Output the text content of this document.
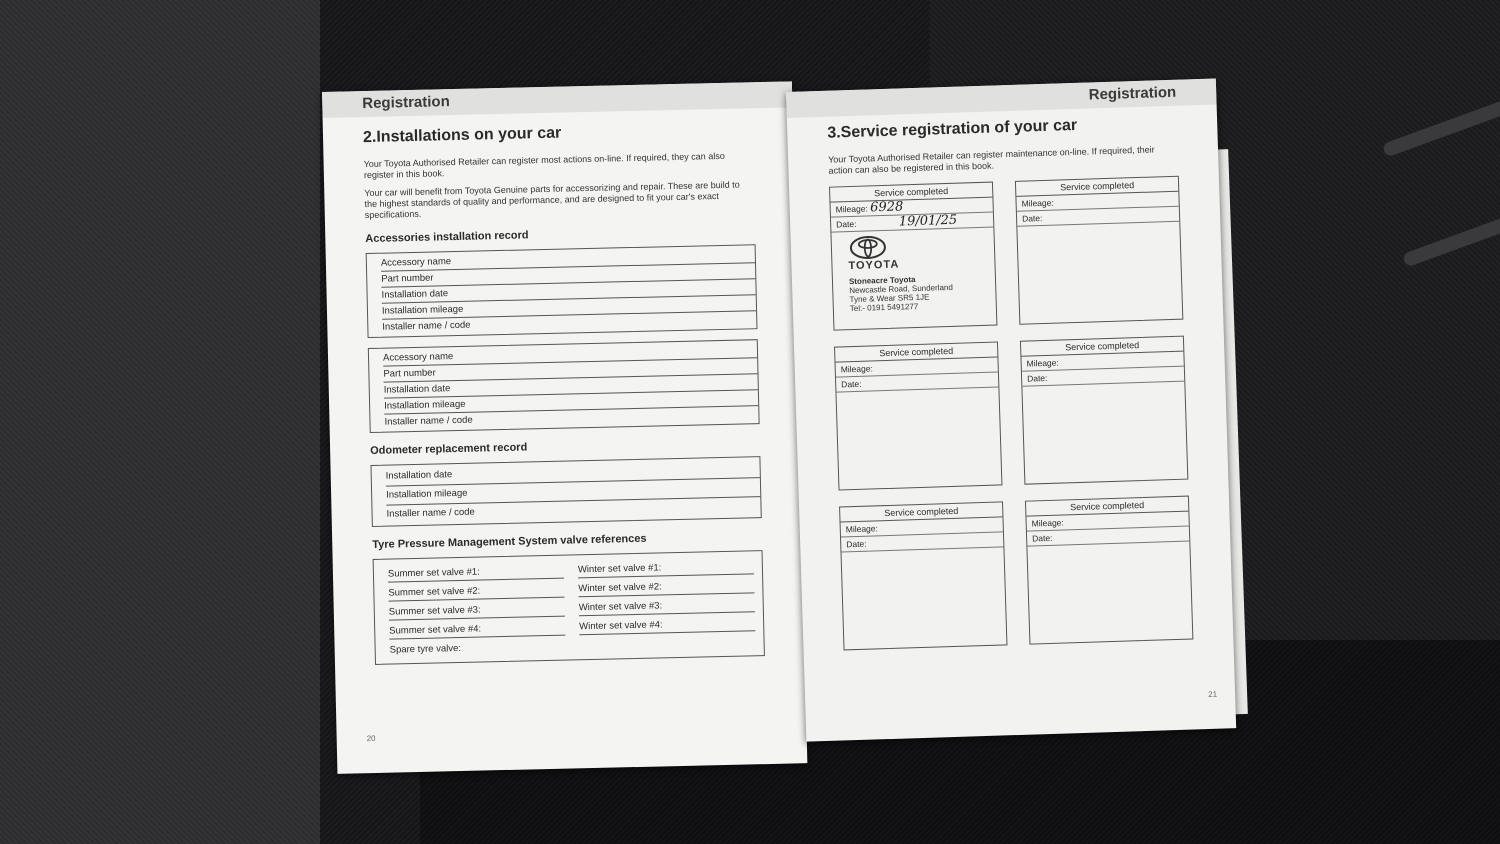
Registration
2.Installations on your car

Your Toyota Authorised Retailer can register most actions on-line. If required, they can also register in this book.

Your car will benefit from Toyota Genuine parts for accessorizing and repair. These are build to the highest standards of quality and performance, and are designed to fit your car's exact specifications.

Accessories installation record
Accessory name
Part number
Installation date
Installation mileage
Installer name / code
Accessory name
Part number
Installation date
Installation mileage
Installer name / code
Odometer replacement record
Installation date
Installation mileage
Installer name / code
Tyre Pressure Management System valve references
Summer set valve #1:	Winter set valve #1:
Summer set valve #2:	Winter set valve #2:
Summer set valve #3:	Winter set valve #3:
Summer set valve #4:	Winter set valve #4:
Spare tyre valve:
20
Registration
3.Service registration of your car

Your Toyota Authorised Retailer can register maintenance on-line. If required, their action can also be registered in this book.

Service completed
Mileage: 6928
Date:	19/01/25
TOYOTA
Stoneacre Toyota
Newcastle Road, Sunderland
Tyne & Wear SR5 1JE
Tel:- 0191 5491277
Service completed
Mileage:
Date:
Service completed
Mileage:
Date:
Service completed
Mileage:
Date:
Service completed
Mileage:
Date:
Service completed
Mileage:
Date:
21
